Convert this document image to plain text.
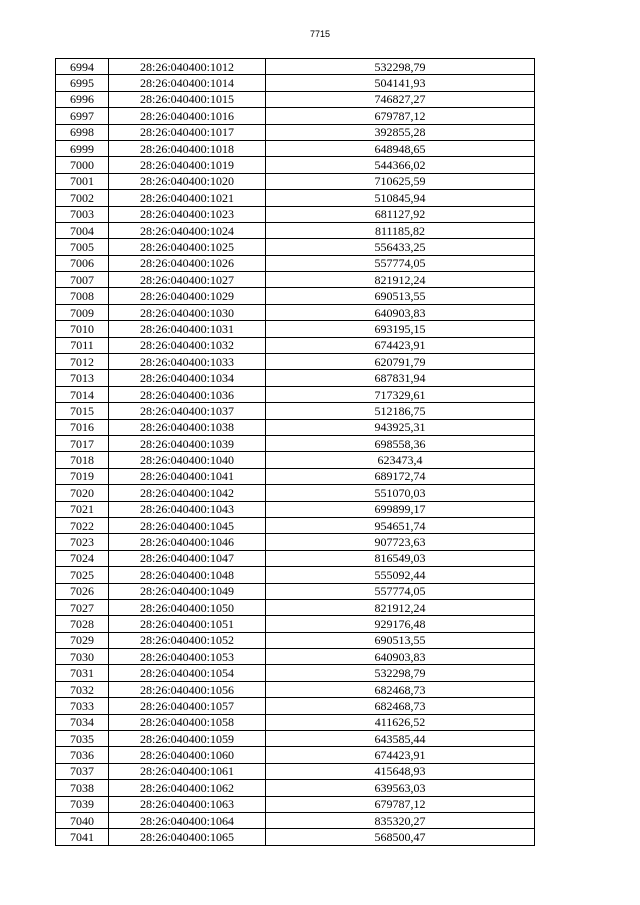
7715
6994	28:26:040400:1012	532298,79
6995	28:26:040400:1014	504141,93
6996	28:26:040400:1015	746827,27
6997	28:26:040400:1016	679787,12
6998	28:26:040400:1017	392855,28
6999	28:26:040400:1018	648948,65
7000	28:26:040400:1019	544366,02
7001	28:26:040400:1020	710625,59
7002	28:26:040400:1021	510845,94
7003	28:26:040400:1023	681127,92
7004	28:26:040400:1024	811185,82
7005	28:26:040400:1025	556433,25
7006	28:26:040400:1026	557774,05
7007	28:26:040400:1027	821912,24
7008	28:26:040400:1029	690513,55
7009	28:26:040400:1030	640903,83
7010	28:26:040400:1031	693195,15
7011	28:26:040400:1032	674423,91
7012	28:26:040400:1033	620791,79
7013	28:26:040400:1034	687831,94
7014	28:26:040400:1036	717329,61
7015	28:26:040400:1037	512186,75
7016	28:26:040400:1038	943925,31
7017	28:26:040400:1039	698558,36
7018	28:26:040400:1040	623473,4
7019	28:26:040400:1041	689172,74
7020	28:26:040400:1042	551070,03
7021	28:26:040400:1043	699899,17
7022	28:26:040400:1045	954651,74
7023	28:26:040400:1046	907723,63
7024	28:26:040400:1047	816549,03
7025	28:26:040400:1048	555092,44
7026	28:26:040400:1049	557774,05
7027	28:26:040400:1050	821912,24
7028	28:26:040400:1051	929176,48
7029	28:26:040400:1052	690513,55
7030	28:26:040400:1053	640903,83
7031	28:26:040400:1054	532298,79
7032	28:26:040400:1056	682468,73
7033	28:26:040400:1057	682468,73
7034	28:26:040400:1058	411626,52
7035	28:26:040400:1059	643585,44
7036	28:26:040400:1060	674423,91
7037	28:26:040400:1061	415648,93
7038	28:26:040400:1062	639563,03
7039	28:26:040400:1063	679787,12
7040	28:26:040400:1064	835320,27
7041	28:26:040400:1065	568500,47
